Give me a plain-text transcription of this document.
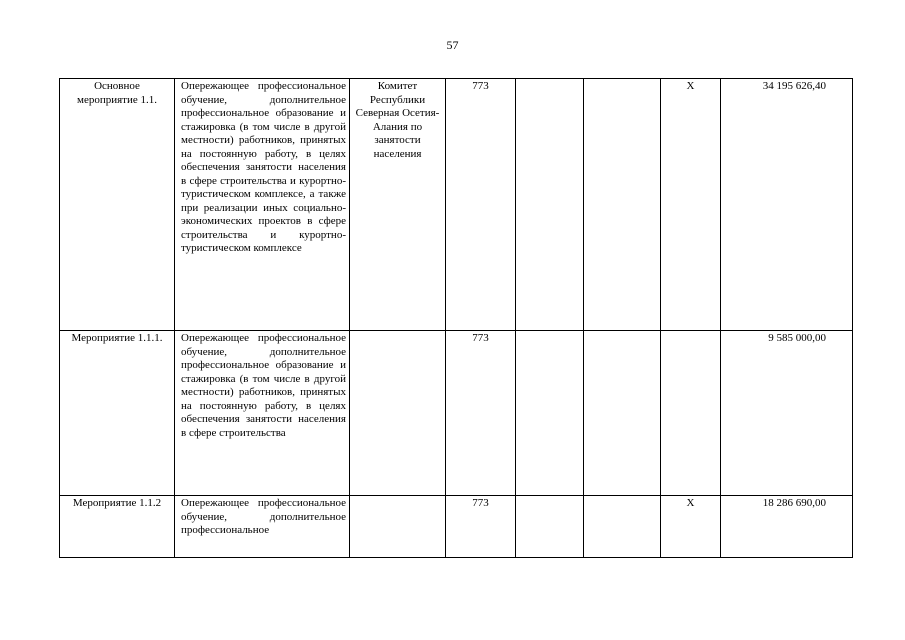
57
Основное мероприятие 1.1.	Опережающее профессиональное обучение, дополнительное профессиональное образование и стажировка (в том числе в другой местности) работников, принятых на постоянную работу, в целях обеспечения занятости населения в сфере строительства и курортно-туристическом комплексе, а также при реализации иных социально-экономических проектов в сфере строительства и курортно-туристическом комплексе	Комитет Республики Северная Осетия-Алания по занятости населения	773			Х	34 195 626,40
Мероприятие 1.1.1.	Опережающее профессиональное обучение, дополнительное профессиональное образование и стажировка (в том числе в другой местности) работников, принятых на постоянную работу, в целях обеспечения занятости населения в сфере строительства		773				9 585 000,00
Мероприятие 1.1.2	Опережающее профессиональное обучение, дополнительное профессиональное		773			Х	18 286 690,00
